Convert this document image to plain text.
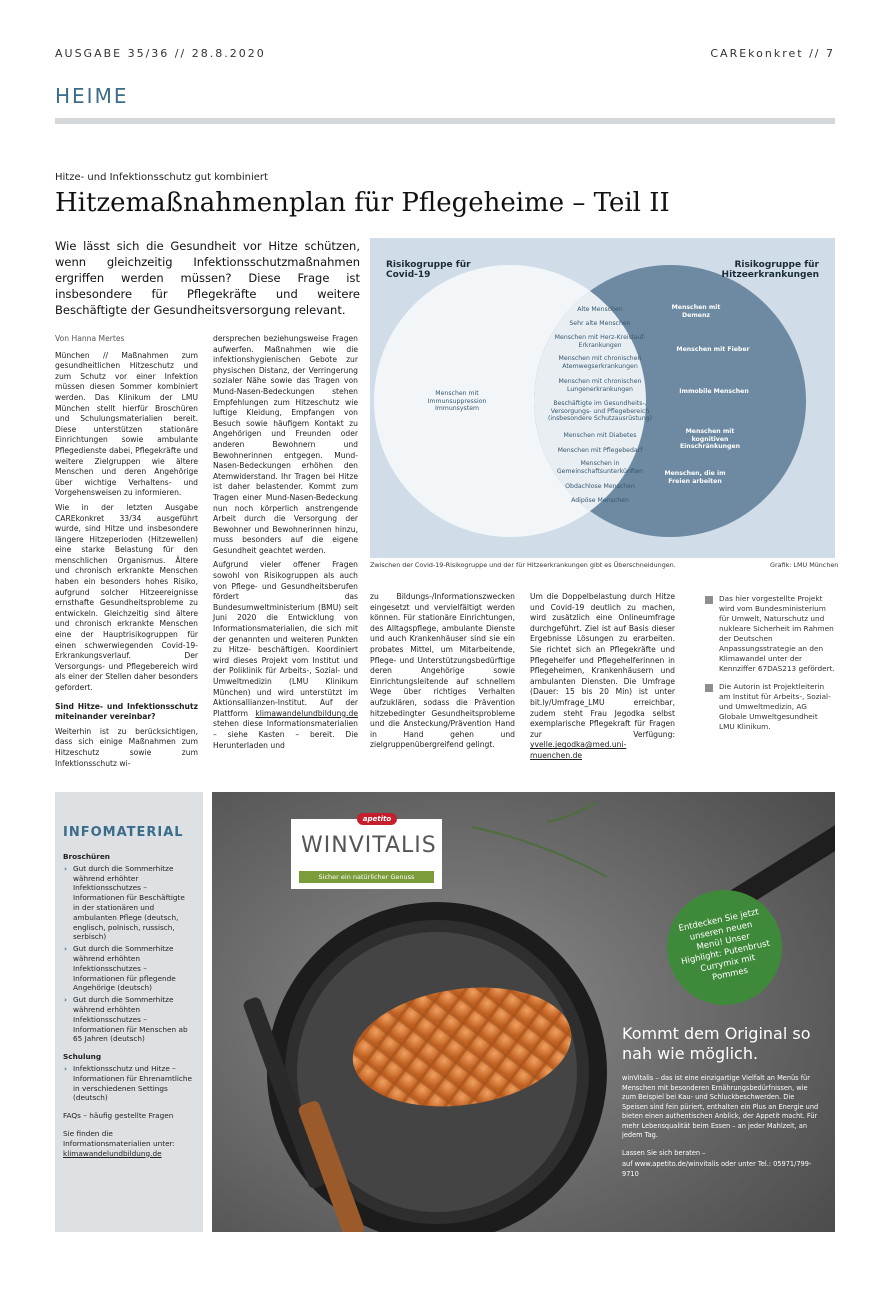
AUSGABE 35/36 // 28.8.2020	CAREkonkret // 7
HEIME
Hitze- und Infektionsschutz gut kombiniert
Hitzemaßnahmenplan für Pflegeheime – Teil II
Wie lässt sich die Gesundheit vor Hitze schützen, wenn gleichzeitig Infektionsschutzmaßnahmen ergriffen werden müssen? Diese Frage ist insbesondere für Pflegekräfte und weitere Beschäftigte der Gesundheitsversorgung relevant.

Von Hanna Mertes

München // Maßnahmen zum gesundheitlichen Hitzeschutz und zum Schutz vor einer Infektion müssen diesen Sommer kombiniert werden. Das Klinikum der LMU München stellt hierfür Broschüren und Schulungsmaterialien bereit. Diese unterstützen stationäre Einrichtungen sowie ambulante Pflegedienste dabei, Pflegekräfte und weitere Zielgruppen wie ältere Menschen und deren Angehörige über wichtige Verhaltens- und Vorgehensweisen zu informieren.

Wie in der letzten Ausgabe CAREkonkret 33/34 ausgeführt wurde, sind Hitze und insbesondere längere Hitzeperioden (Hitzewellen) eine starke Belastung für den menschlichen Organismus. Ältere und chronisch erkrankte Menschen haben ein besonders hohes Risiko, aufgrund solcher Hitzeereignisse ernsthafte Gesundheitsprobleme zu entwickeln. Gleichzeitig sind ältere und chronisch erkrankte Menschen eine der Hauptrisikogruppen für einen schwerwiegenden Covid-19-Erkrankungsverlauf. Der Versorgungs- und Pflegebereich wird als einer der Stellen daher besonders gefordert.

Sind Hitze- und Infektionsschutz miteinander vereinbar?

Weiterhin ist zu berücksichtigen, dass sich einige Maßnahmen zum Hitzeschutz sowie zum Infektionsschutz wi-

dersprechen beziehungsweise Fragen aufwerfen. Maßnahmen wie die infektionshygienischen Gebote zur physischen Distanz, der Verringerung sozialer Nähe sowie das Tragen von Mund-Nasen-Bedeckungen stehen Empfehlungen zum Hitzeschutz wie luftige Kleidung, Empfangen von Besuch sowie häufigem Kontakt zu Angehörigen und Freunden oder anderen Bewohnern und Bewohnerinnen entgegen. Mund-Nasen-Bedeckungen erhöhen den Atemwiderstand. Ihr Tragen bei Hitze ist daher belastender. Kommt zum Tragen einer Mund-Nasen-Bedeckung nun noch körperlich anstrengende Arbeit durch die Versorgung der Bewohner und Bewohnerinnen hinzu, muss besonders auf die eigene Gesundheit geachtet werden.

Aufgrund vieler offener Fragen sowohl von Risikogruppen als auch von Pflege- und Gesundheitsberufen fördert das Bundesumweltministerium (BMU) seit Juni 2020 die Entwicklung von Informationsmaterialien, die sich mit der genannten und weiteren Punkten zu Hitze- beschäftigen. Koordiniert wird dieses Projekt vom Institut und der Poliklinik für Arbeits-, Sozial- und Umweltmedizin (LMU Klinikum München) und wird unterstützt im Aktionsallianzen-Institut. Auf der Plattform klimawandelundbildung.de stehen diese Informationsmaterialien – siehe Kasten – bereit. Die Herunterladen und

Risikogruppe für Covid-19
Risikogruppe für Hitzeerkrankungen
Menschen mit Immunsuppression
Immunsystem
Alte Menschen
Sehr alte Menschen
Menschen mit Herz-Kreislauf-Erkrankungen
Menschen mit chronischen Atemwegserkrankungen
Menschen mit chronischen Lungenerkrankungen
Beschäftigte im Gesundheits-, Versorgungs- und Pflegebereich (insbesondere Schutzausrüstung)
Menschen mit Diabetes
Menschen mit Pflegebedarf
Menschen in Gemeinschaftsunterkünften
Obdachlose Menschen
Adipöse Menschen
Menschen mit Demenz
Menschen mit Fieber
Immobile Menschen
Menschen mit kognitiven Einschränkungen
Menschen, die im Freien arbeiten
Zwischen der Covid-19-Risikogruppe und der für Hitzeerkrankungen gibt es Überschneidungen.	Grafik: LMU München

zu Bildungs-/Informationszwecken eingesetzt und vervielfältigt werden können. Für stationäre Einrichtungen, des Alltagspflege, ambulante Dienste und auch Krankenhäuser sind sie ein probates Mittel, um Mitarbeitende, Pflege- und Unterstützungsbedürftige deren Angehörige sowie Einrichtungsleitende auf schnellem Wege über richtiges Verhalten aufzuklären, sodass die Prävention hitzebedingter Gesundheitsprobleme und die Ansteckung/Prävention Hand in Hand gehen und zielgruppenübergreifend gelingt.

Um die Doppelbelastung durch Hitze und Covid-19 deutlich zu machen, wird zusätzlich eine Onlineumfrage durchgeführt. Ziel ist auf Basis dieser Ergebnisse Lösungen zu erarbeiten. Sie richtet sich an Pflegekräfte und Pflegehelfer und Pflegehelferinnen in Pflegeheimen, Krankenhäusern und ambulanten Diensten. Die Umfrage (Dauer: 15 bis 20 Min) ist unter bit.ly/Umfrage_LMU erreichbar, zudem steht Frau Jegodka selbst exemplarische Pflegekraft für Fragen zur Verfügung: yvelle.jegodka@med.uni-muenchen.de

Das hier vorgestellte Projekt wird vom Bundesministerium für Umwelt, Naturschutz und nukleare Sicherheit im Rahmen der Deutschen Anpassungsstrategie an den Klimawandel unter der Kennziffer 67DAS213 gefördert.
Die Autorin ist Projektleiterin am Institut für Arbeits-, Sozial- und Umweltmedizin, AG Globale Umweltgesundheit LMU Klinikum.
INFOMATERIAL
Broschüren
› Gut durch die Sommerhitze während erhöhter Infektionsschutzes – Informationen für Beschäftigte in der stationären und ambulanten Pflege (deutsch, englisch, polnisch, russisch, serbisch)
› Gut durch die Sommerhitze während erhöhten Infektionsschutzes – Informationen für pflegende Angehörige (deutsch)
› Gut durch die Sommerhitze während erhöhten Infektionsschutzes – Informationen für Menschen ab 65 Jahren (deutsch)
Schulung
› Infektionsschutz und Hitze – Informationen für Ehrenamtliche in verschiedenen Settings (deutsch)
FAQs – häufig gestellte Fragen
Sie finden die Informationsmaterialien unter:
klimawandelundbildung.de
apetito
WINVITALIS
Sicher ein natürlicher Genuss
Entdecken Sie jetzt unseren neuen Menü! Unser Highlight: Putenbrust Currymix mit Pommes
Kommt dem Original so nah wie möglich.

winVitalis – das ist eine einzigartige Vielfalt an Menüs für Menschen mit besonderen Ernährungsbedürfnissen, wie zum Beispiel bei Kau- und Schluckbeschwerden. Die Speisen sind fein püriert, enthalten ein Plus an Energie und bieten einen authentischen Anblick, der Appetit macht. Für mehr Lebensqualität beim Essen – an jeder Mahlzeit, an jedem Tag.

Lassen Sie sich beraten –

auf www.apetito.de/winvitalis oder unter Tel.: 05971/799-9710
